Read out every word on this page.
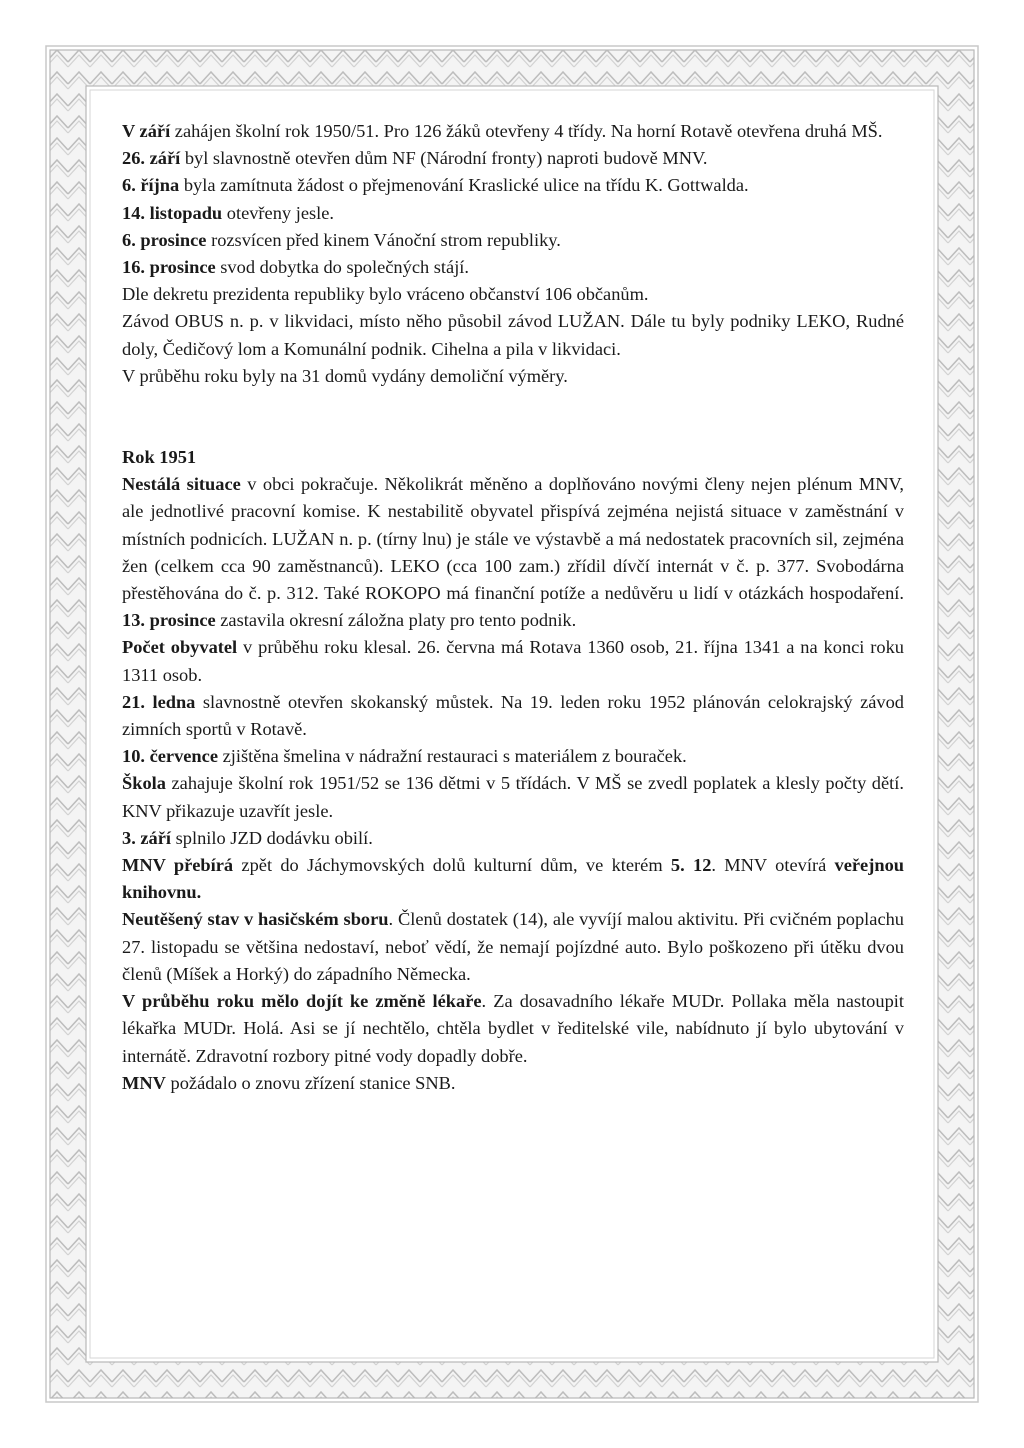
V září zahájen školní rok 1950/51. Pro 126 žáků otevřeny 4 třídy. Na horní Rotavě otevřena druhá MŠ.

26. září byl slavnostně otevřen dům NF (Národní fronty) naproti budově MNV.

6. října byla zamítnuta žádost o přejmenování Kraslické ulice na třídu K. Gottwalda.

14. listopadu otevřeny jesle.

6. prosince rozsvícen před kinem Vánoční strom republiky.

16. prosince svod dobytka do společných stájí.

Dle dekretu prezidenta republiky bylo vráceno občanství 106 občanům.

Závod OBUS n. p. v likvidaci, místo něho působil závod LUŽAN. Dále tu byly podniky LEKO, Rudné doly, Čedičový lom a Komunální podnik. Cihelna a pila v likvidaci.

V průběhu roku byly na 31 domů vydány demoliční výměry.

Rok 1951

Nestálá situace v obci pokračuje. Několikrát měněno a doplňováno novými členy nejen plénum MNV, ale jednotlivé pracovní komise. K nestabilitě obyvatel přispívá zejména nejistá situace v zaměstnání v místních podnicích. LUŽAN n. p. (tírny lnu) je stále ve výstavbě a má nedostatek pracovních sil, zejména žen (celkem cca 90 zaměstnanců). LEKO (cca 100 zam.) zřídil dívčí internát v č. p. 377. Svobodárna přestěhována do č. p. 312. Také ROKOPO má finanční potíže a nedůvěru u lidí v otázkách hospodaření. 13. prosince zastavila okresní záložna platy pro tento podnik.

Počet obyvatel v průběhu roku klesal. 26. června má Rotava 1360 osob, 21. října 1341 a na konci roku 1311 osob.

21. ledna slavnostně otevřen skokanský můstek. Na 19. leden roku 1952 plánován celokrajský závod zimních sportů v Rotavě.

10. července zjištěna šmelina v nádražní restauraci s materiálem z bouraček.

Škola zahajuje školní rok 1951/52 se 136 dětmi v 5 třídách. V MŠ se zvedl poplatek a klesly počty dětí. KNV přikazuje uzavřít jesle.

3. září splnilo JZD dodávku obilí.

MNV přebírá zpět do Jáchymovských dolů kulturní dům, ve kterém 5. 12. MNV otevírá veřejnou knihovnu.

Neutěšený stav v hasičském sboru. Členů dostatek (14), ale vyvíjí malou aktivitu. Při cvičném poplachu 27. listopadu se většina nedostaví, neboť vědí, že nemají pojízdné auto. Bylo poškozeno při útěku dvou členů (Míšek a Horký) do západního Německa.

V průběhu roku mělo dojít ke změně lékaře. Za dosavadního lékaře MUDr. Pollaka měla nastoupit lékařka MUDr. Holá. Asi se jí nechtělo, chtěla bydlet v ředitelské vile, nabídnuto jí bylo ubytování v internátě. Zdravotní rozbory pitné vody dopadly dobře.

MNV požádalo o znovu zřízení stanice SNB.
